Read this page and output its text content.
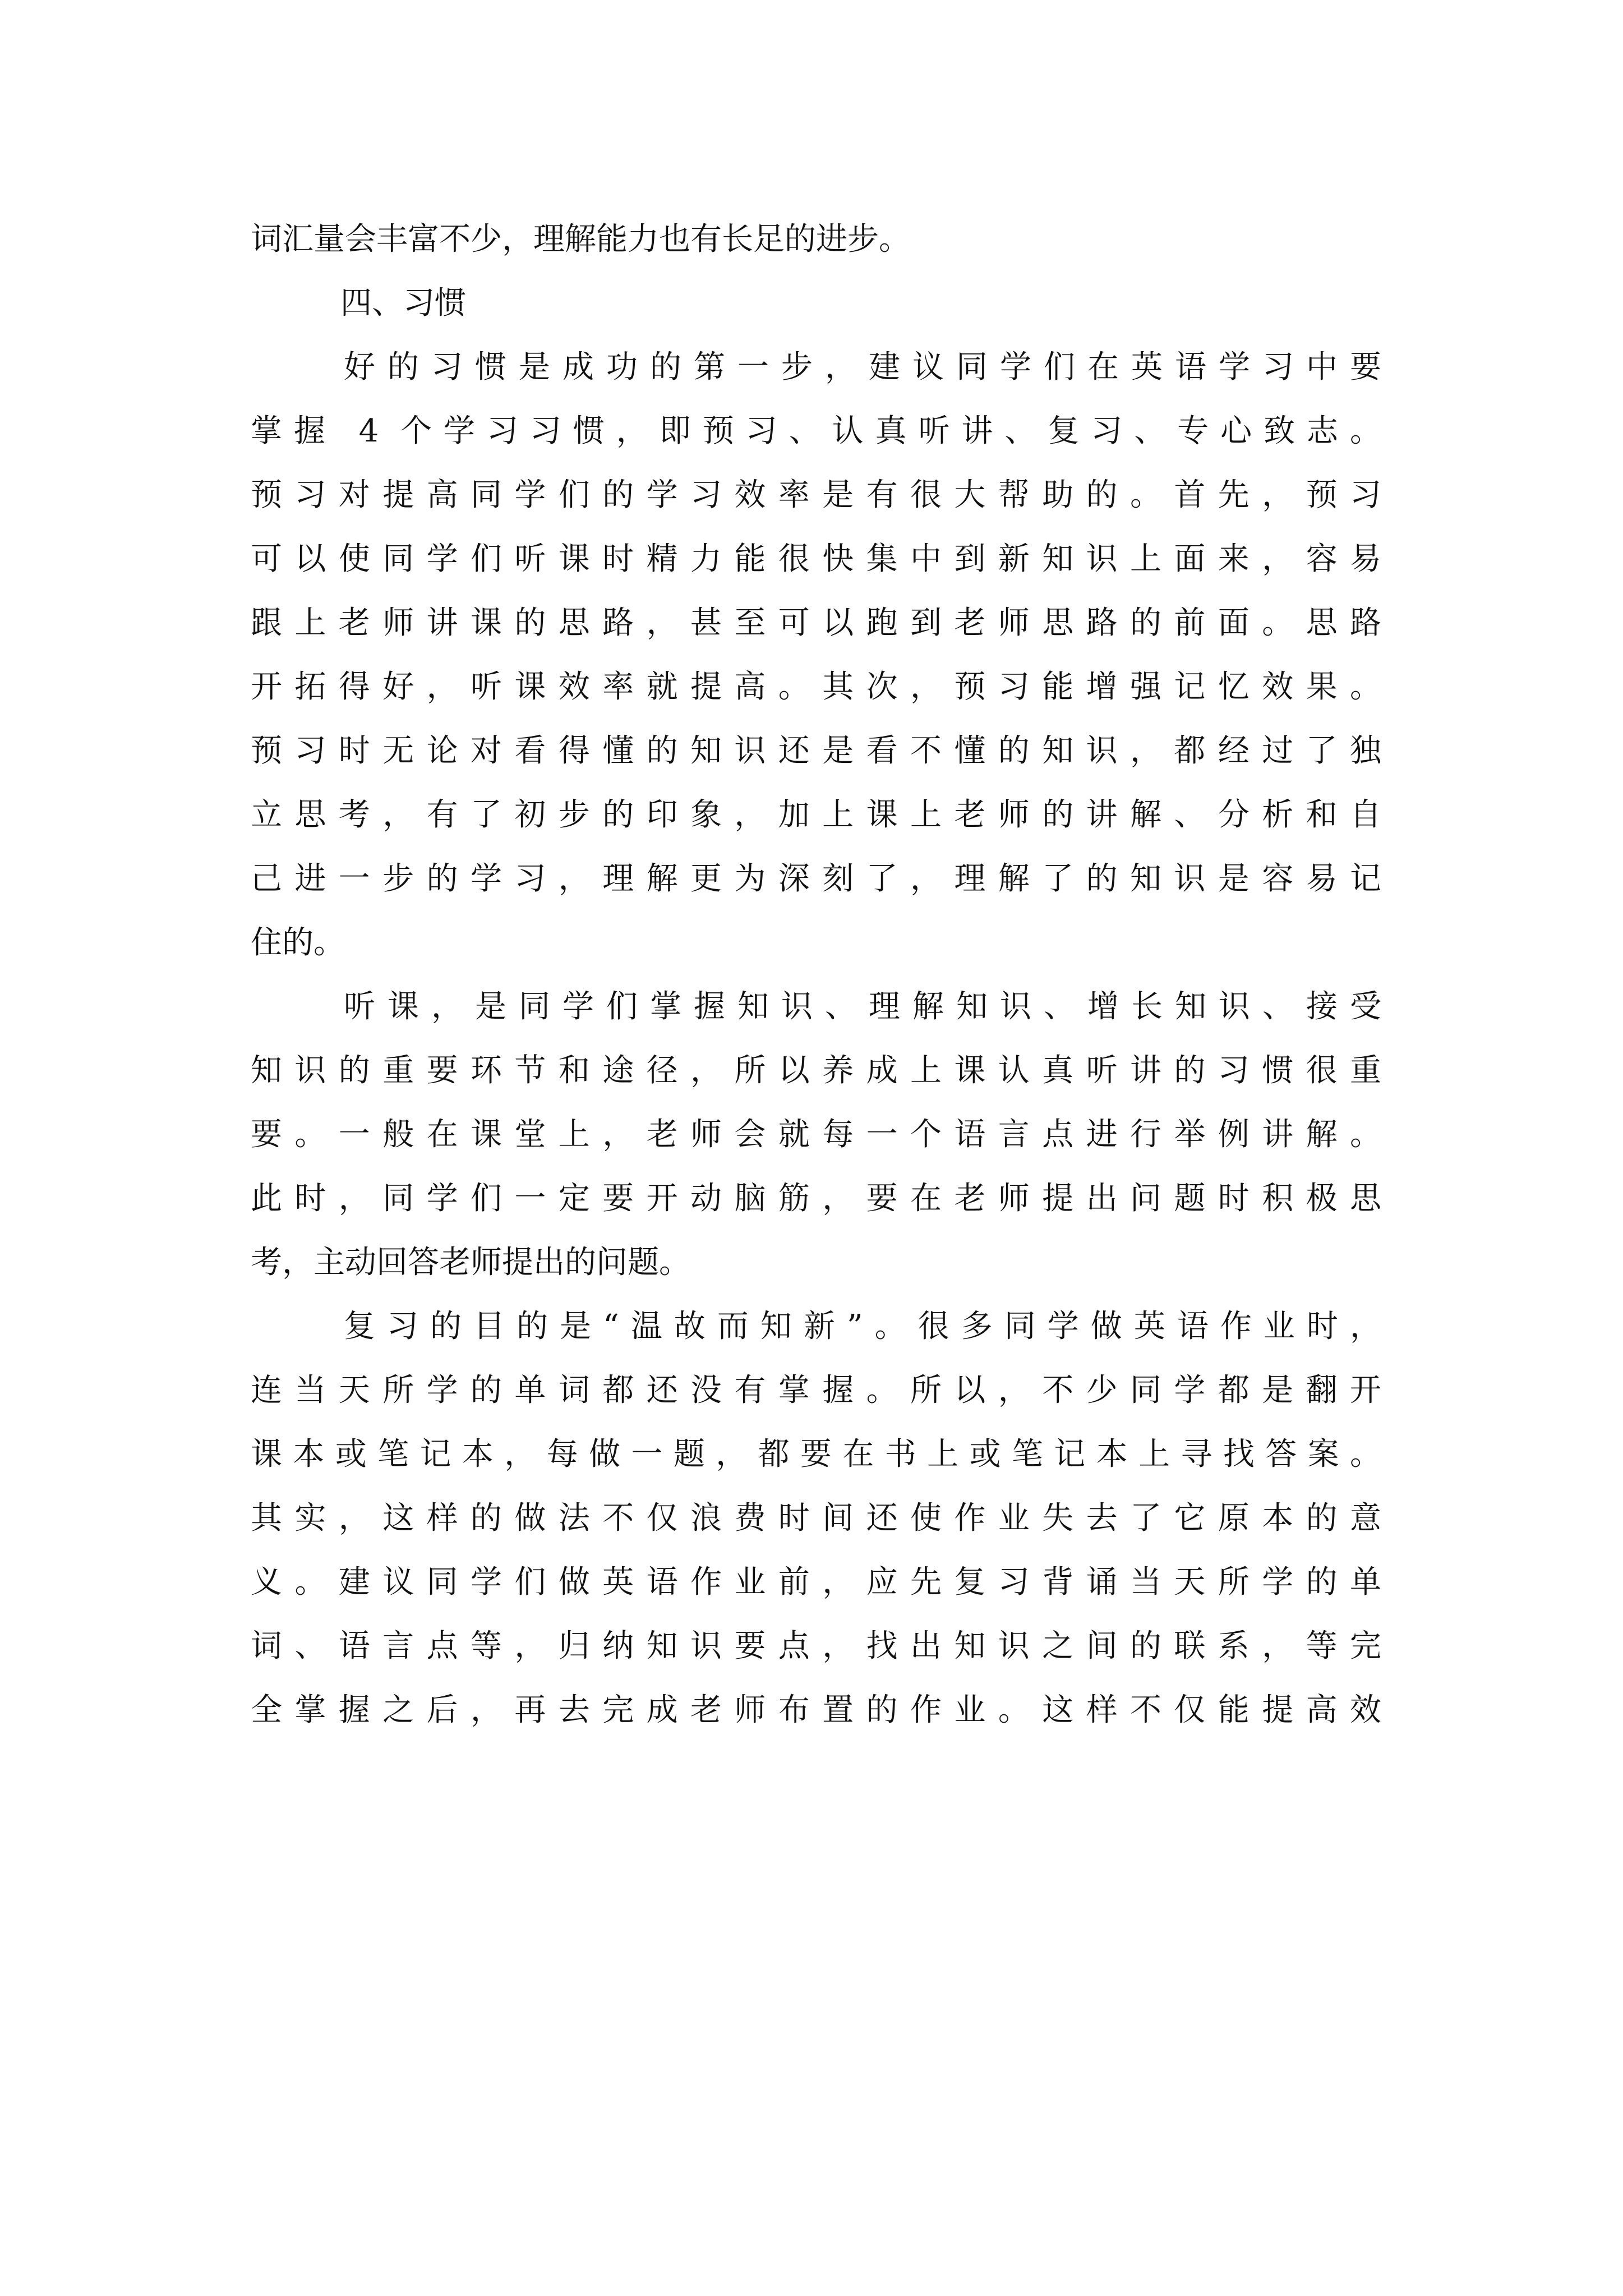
词汇量会丰富不少，理解能力也有长足的进步。
四、习惯
好的习惯是成功的第一步，建议同学们在英语学习中要
掌握 4 个学习习惯，即预习、认真听讲、复习、专心致志。
预习对提高同学们的学习效率是有很大帮助的。首先，预习
可以使同学们听课时精力能很快集中到新知识上面来，容易
跟上老师讲课的思路，甚至可以跑到老师思路的前面。思路
开拓得好，听课效率就提高。其次，预习能增强记忆效果。
预习时无论对看得懂的知识还是看不懂的知识，都经过了独
立思考，有了初步的印象，加上课上老师的讲解、分析和自
己进一步的学习，理解更为深刻了，理解了的知识是容易记
住的。
听课，是同学们掌握知识、理解知识、增长知识、接受
知识的重要环节和途径，所以养成上课认真听讲的习惯很重
要。一般在课堂上，老师会就每一个语言点进行举例讲解。
此时，同学们一定要开动脑筋，要在老师提出问题时积极思
考，主动回答老师提出的问题。
复习的目的是“温故而知新”。很多同学做英语作业时，
连当天所学的单词都还没有掌握。所以，不少同学都是翻开
课本或笔记本，每做一题，都要在书上或笔记本上寻找答案。
其实，这样的做法不仅浪费时间还使作业失去了它原本的意
义。建议同学们做英语作业前，应先复习背诵当天所学的单
词、语言点等，归纳知识要点，找出知识之间的联系，等完
全掌握之后，再去完成老师布置的作业。这样不仅能提高效
